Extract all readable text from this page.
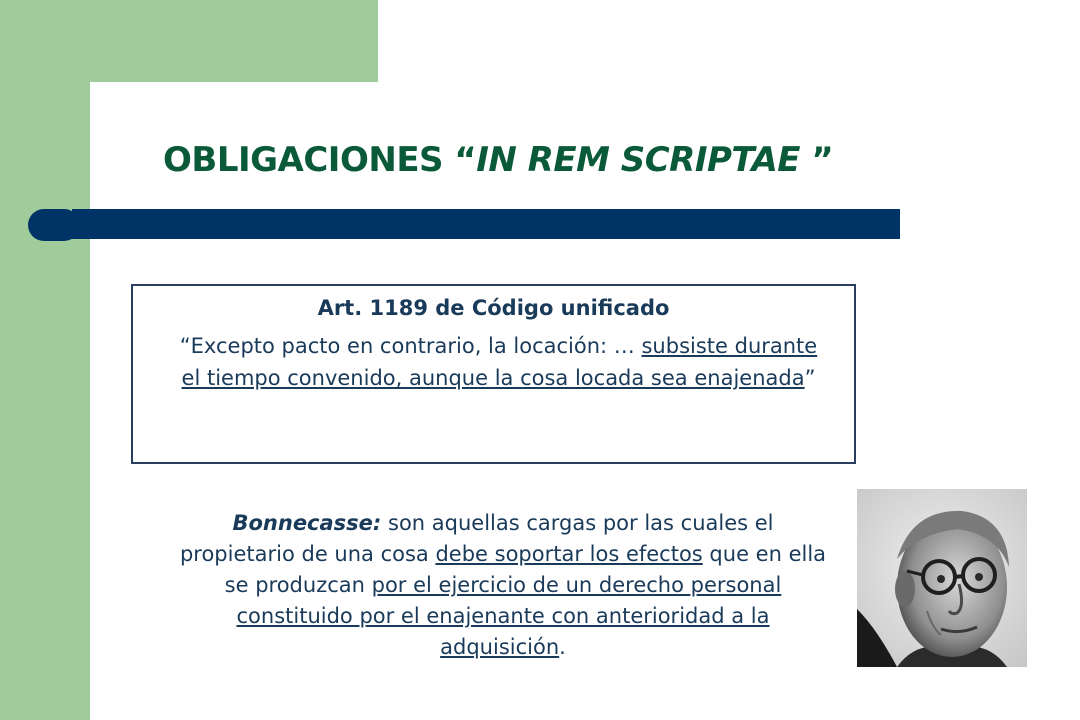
OBLIGACIONES “IN REM SCRIPTAE ”
Art. 1189 de Código unificado
“Excepto pacto en contrario, la locación: … subsiste durante el tiempo convenido, aunque la cosa locada sea enajenada”
Bonnecasse: son aquellas cargas por las cuales el propietario de una cosa debe soportar los efectos que en ella se produzcan por el ejercicio de un derecho personal constituido por el enajenante con anterioridad a la adquisición.
